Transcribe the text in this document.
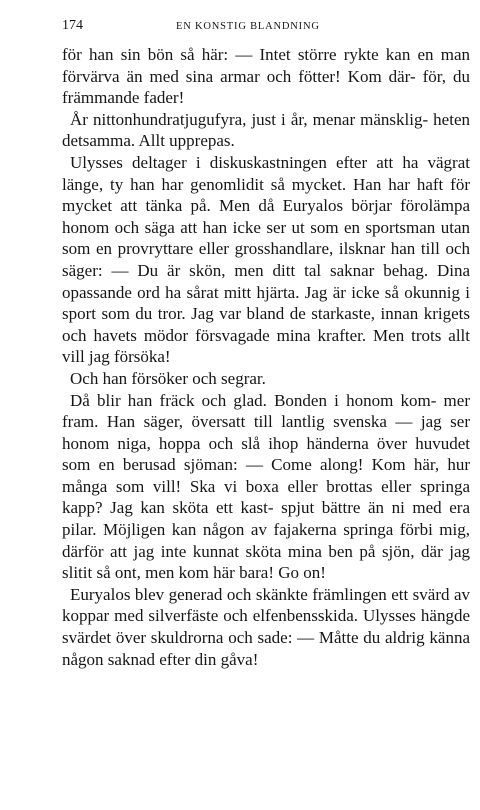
174	EN KONSTIG BLANDNING

för han sin bön så här: — Intet större rykte kan en man förvärva än med sina armar och fötter! Kom där- för, du främmande fader!

År nittonhundratjugufyra, just i år, menar mänsklig- heten detsamma. Allt upprepas.

Ulysses deltager i diskuskastningen efter att ha vägrat länge, ty han har genomlidit så mycket. Han har haft för mycket att tänka på. Men då Euryalos börjar förolämpa honom och säga att han icke ser ut som en sportsman utan som en provryttare eller grosshandlare, ilsknar han till och säger: — Du är skön, men ditt tal saknar behag. Dina opassande ord ha sårat mitt hjärta. Jag är icke så okunnig i sport som du tror. Jag var bland de starkaste, innan krigets och havets mödor försvagade mina krafter. Men trots allt vill jag försöka!

Och han försöker och segrar.

Då blir han fräck och glad. Bonden i honom kom- mer fram. Han säger, översatt till lantlig svenska — jag ser honom niga, hoppa och slå ihop händerna över huvudet som en berusad sjöman: — Come along! Kom här, hur många som vill! Ska vi boxa eller brottas eller springa kapp? Jag kan sköta ett kast- spjut bättre än ni med era pilar. Möjligen kan någon av fajakerna springa förbi mig, därför att jag inte kunnat sköta mina ben på sjön, där jag slitit så ont, men kom här bara! Go on!

Euryalos blev generad och skänkte främlingen ett svärd av koppar med silverfäste och elfenbensskida. Ulysses hängde svärdet över skuldrorna och sade: — Måtte du aldrig känna någon saknad efter din gåva!
